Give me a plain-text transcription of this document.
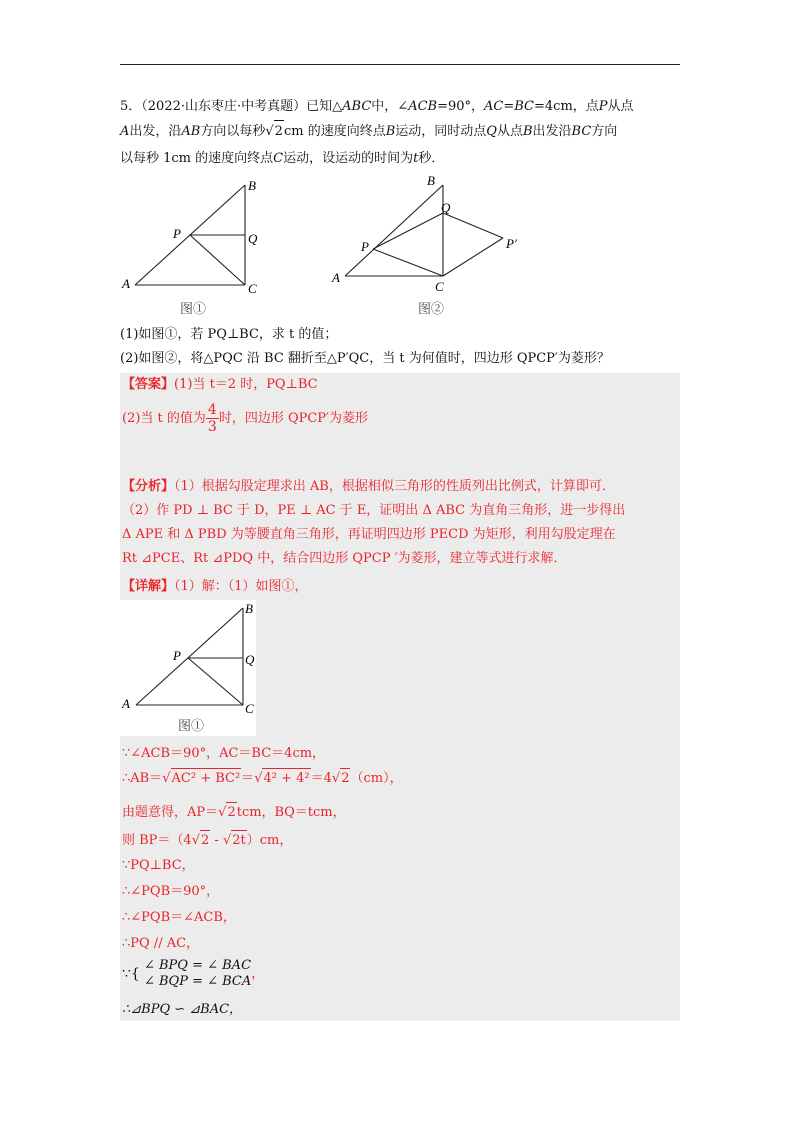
5．（2022·山东枣庄·中考真题）已知△ABC中，∠ACB=90°，AC=BC=4cm，点P从点
A出发，沿AB方向以每秒√2cm 的速度向终点B运动，同时动点Q从点B出发沿BC方向
以每秒 1cm 的速度向终点C运动，设运动的时间为t秒．
A
B
C
P	Q
图①
A
B
C
P
Q
P′
图②
(1)如图①，若 PQ⊥BC，求 t 的值；
(2)如图②，将△PQC 沿 BC 翻折至△P′QC，当 t 为何值时，四边形 QPCP′为菱形？
【答案】(1)当 t＝2 时，PQ⊥BC
(2)当 t 的值为 $\frac{4}{3}$ 时，四边形 QPCP′为菱形
【分析】（1）根据勾股定理求出 AB，根据相似三角形的性质列出比例式，计算即可．
（2）作 PD ⊥ BC 于 D，PE ⊥ AC 于 E，证明出 Δ ABC 为直角三角形，进一步得出
Δ APE 和 Δ PBD 为等腰直角三角形，再证明四边形 PECD 为矩形，利用勾股定理在
Rt ⊿PCE、Rt ⊿PDQ 中，结合四边形 QPCP ′为菱形，建立等式进行求解．
【详解】（1）解：（1）如图①，
A
B
C
P	Q
图①
∵∠ACB＝90°，AC＝BC＝4cm，
∴AB＝√AC² + BC²＝√4² + 4²＝4√2（cm），
由题意得，AP＝√2tcm，BQ＝tcm，
则 BP＝（4√2 - √2t）cm，
∵PQ⊥BC，
∴∠PQB＝90°，
∴∠PQB＝∠ACB，
∴PQ // AC，
∵{
∠ BPQ = ∠ BAC
∠ BQP = ∠ BCA ，
∴⊿BPQ ∽ ⊿BAC，
